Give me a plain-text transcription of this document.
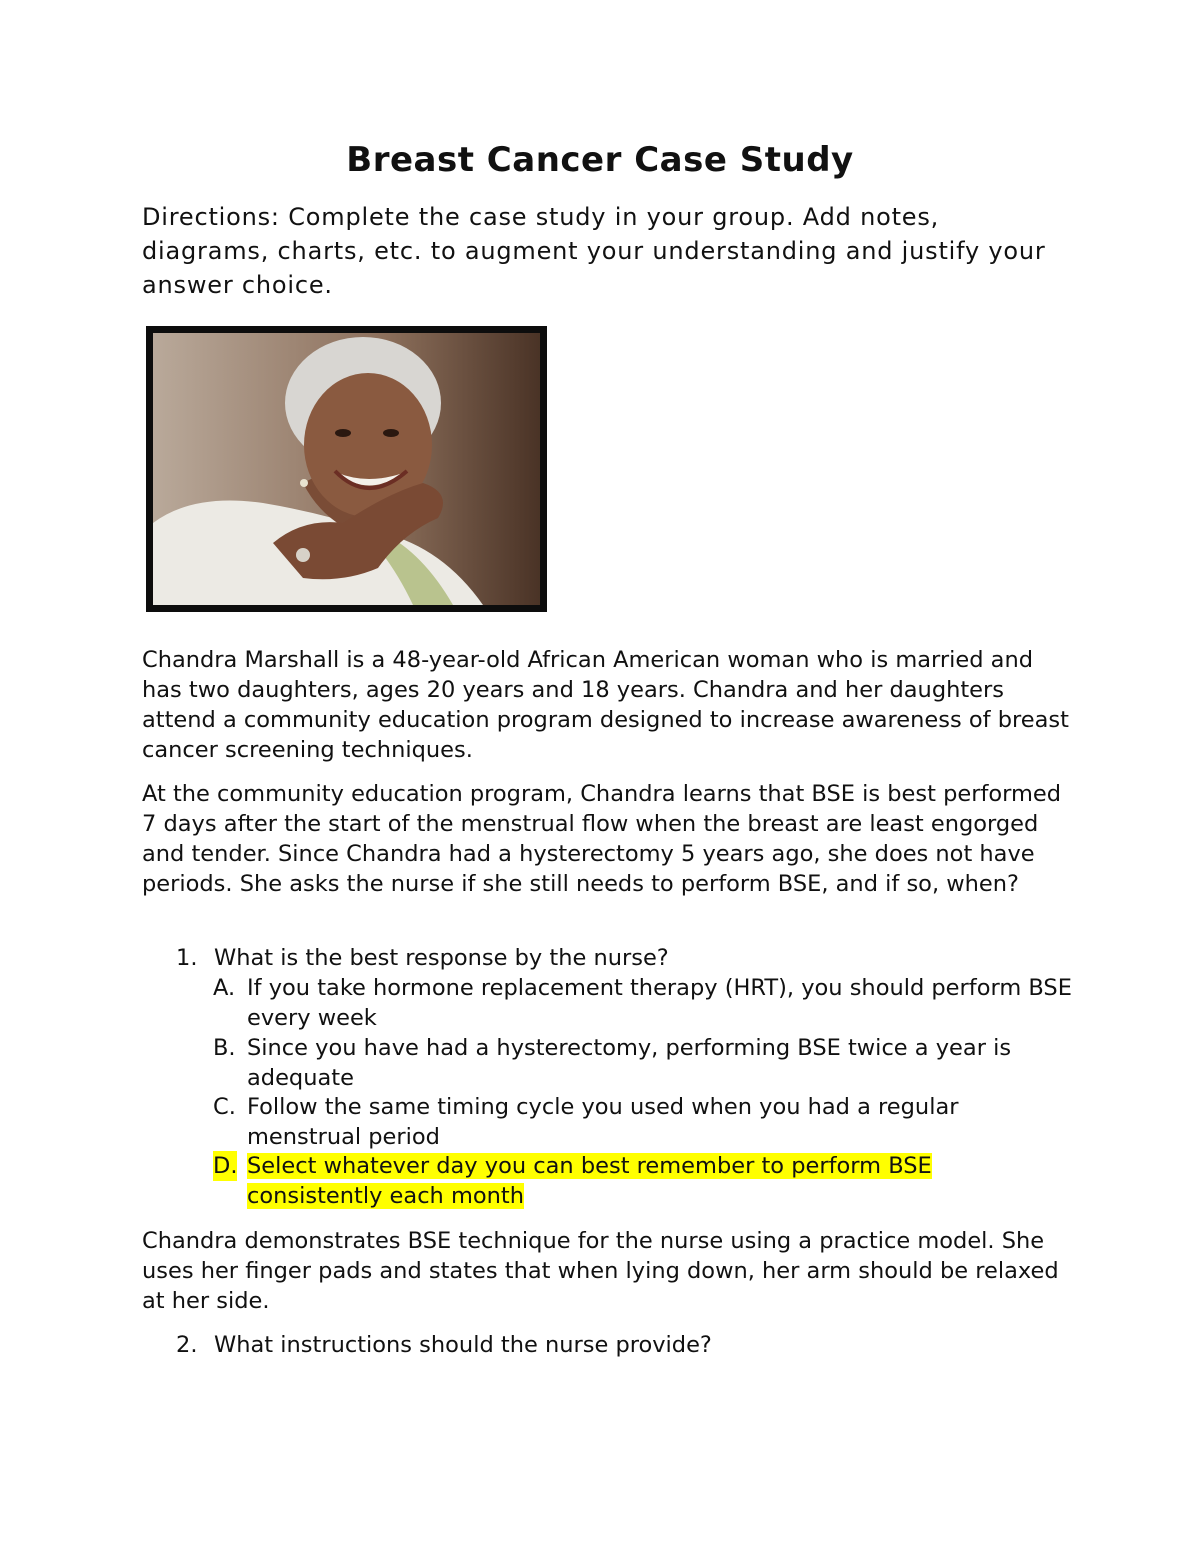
Breast Cancer Case Study

Directions: Complete the case study in your group. Add notes, diagrams, charts, etc. to augment your understanding and justify your answer choice.

Chandra Marshall is a 48-year-old African American woman who is married and has two daughters, ages 20 years and 18 years. Chandra and her daughters attend a community education program designed to increase awareness of breast cancer screening techniques.

At the community education program, Chandra learns that BSE is best performed 7 days after the start of the menstrual flow when the breast are least engorged and tender. Since Chandra had a hysterectomy 5 years ago, she does not have periods. She asks the nurse if she still needs to perform BSE, and if so, when?

1. What is the best response by the nurse?

A. If you take hormone replacement therapy (HRT), you should perform BSE every week
B. Since you have had a hysterectomy, performing BSE twice a year is adequate
C. Follow the same timing cycle you used when you had a regular menstrual period
D. Select whatever day you can best remember to perform BSE consistently each month

Chandra demonstrates BSE technique for the nurse using a practice model. She uses her finger pads and states that when lying down, her arm should be relaxed at her side.

2. What instructions should the nurse provide?
